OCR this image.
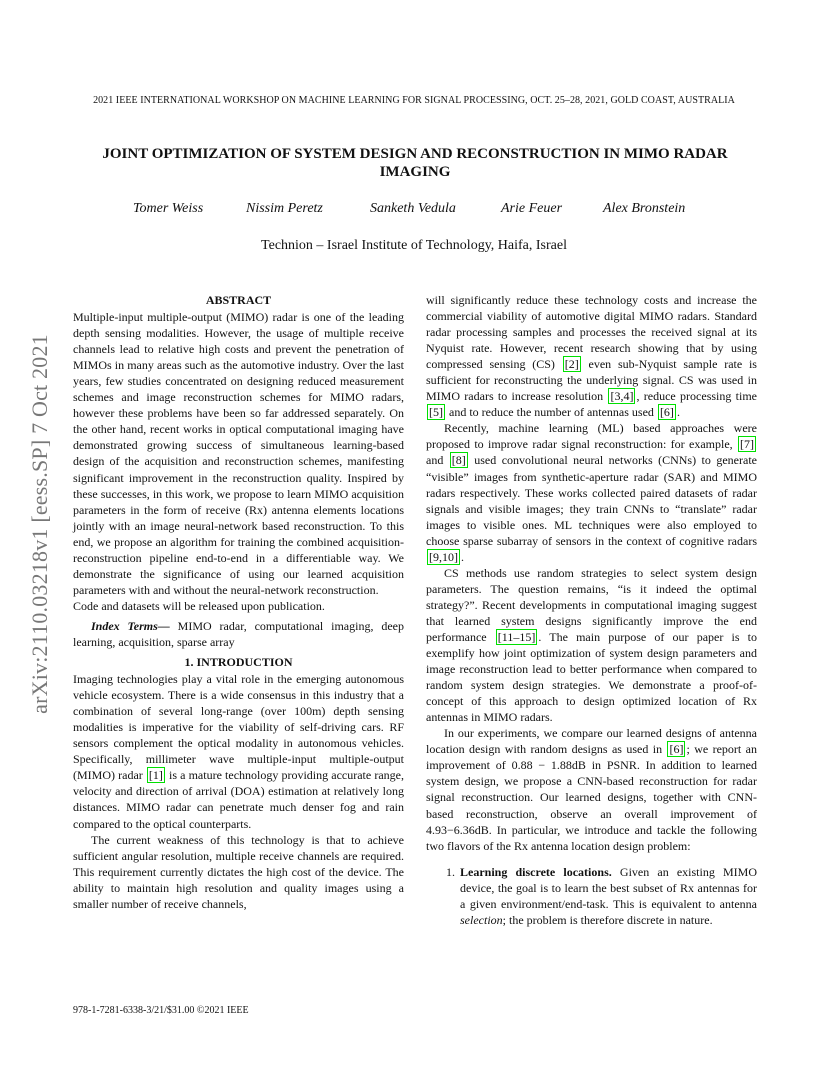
2021 IEEE INTERNATIONAL WORKSHOP ON MACHINE LEARNING FOR SIGNAL PROCESSING, OCT. 25–28, 2021, GOLD COAST, AUSTRALIA
JOINT OPTIMIZATION OF SYSTEM DESIGN AND RECONSTRUCTION IN MIMO RADAR IMAGING
Tomer Weiss	Nissim Peretz	Sanketh Vedula	Arie Feuer	Alex Bronstein
Technion – Israel Institute of Technology, Haifa, Israel
arXiv:2110.03218v1 [eess.SP] 7 Oct 2021
ABSTRACT

Multiple-input multiple-output (MIMO) radar is one of the leading depth sensing modalities. However, the usage of multiple receive channels lead to relative high costs and prevent the penetration of MIMOs in many areas such as the automotive industry. Over the last years, few studies concentrated on designing reduced measurement schemes and image reconstruction schemes for MIMO radars, however these problems have been so far addressed separately. On the other hand, recent works in optical computational imaging have demonstrated growing success of simultaneous learning-based design of the acquisition and reconstruction schemes, manifesting significant improvement in the reconstruction quality. Inspired by these successes, in this work, we propose to learn MIMO acquisition parameters in the form of receive (Rx) antenna elements locations jointly with an image neural-network based reconstruction. To this end, we propose an algorithm for training the combined acquisition-reconstruction pipeline end-to-end in a differentiable way. We demonstrate the significance of using our learned acquisition parameters with and without the neural-network reconstruction.

Code and datasets will be released upon publication.

Index Terms— MIMO radar, computational imaging, deep learning, acquisition, sparse array

1. INTRODUCTION

Imaging technologies play a vital role in the emerging autonomous vehicle ecosystem. There is a wide consensus in this industry that a combination of several long-range (over 100m) depth sensing modalities is imperative for the viability of self-driving cars. RF sensors complement the optical modality in autonomous vehicles. Specifically, millimeter wave multiple-input multiple-output (MIMO) radar [1] is a mature technology providing accurate range, velocity and direction of arrival (DOA) estimation at relatively long distances. MIMO radar can penetrate much denser fog and rain compared to the optical counterparts.

The current weakness of this technology is that to achieve sufficient angular resolution, multiple receive channels are required. This requirement currently dictates the high cost of the device. The ability to maintain high resolution and quality images using a smaller number of receive channels,

will significantly reduce these technology costs and increase the commercial viability of automotive digital MIMO radars. Standard radar processing samples and processes the received signal at its Nyquist rate. However, recent research showing that by using compressed sensing (CS) [2] even sub-Nyquist sample rate is sufficient for reconstructing the underlying signal. CS was used in MIMO radars to increase resolution [3,4] , reduce processing time [5] and to reduce the number of antennas used [6] .

Recently, machine learning (ML) based approaches were proposed to improve radar signal reconstruction: for example, [7] and [8] used convolutional neural networks (CNNs) to generate “visible” images from synthetic-aperture radar (SAR) and MIMO radars respectively. These works collected paired datasets of radar signals and visible images; they train CNNs to “translate” radar images to visible ones. ML techniques were also employed to choose sparse subarray of sensors in the context of cognitive radars [9,10] .

CS methods use random strategies to select system design parameters. The question remains, “is it indeed the optimal strategy?”. Recent developments in computational imaging suggest that learned system designs significantly improve the end performance [11–15] . The main purpose of our paper is to exemplify how joint optimization of system design parameters and image reconstruction lead to better performance when compared to random system design strategies. We demonstrate a proof-of-concept of this approach to design optimized location of Rx antennas in MIMO radars.

In our experiments, we compare our learned designs of antenna location design with random designs as used in [6] ; we report an improvement of 0.88 − 1.88dB in PSNR. In addition to learned system design, we propose a CNN-based reconstruction for radar signal reconstruction. Our learned designs, together with CNN-based reconstruction, observe an overall improvement of 4.93−6.36dB. In particular, we introduce and tackle the following two flavors of the Rx antenna location design problem:

1. Learning discrete locations. Given an existing MIMO device, the goal is to learn the best subset of Rx antennas for a given environment/end-task. This is equivalent to antenna selection; the problem is therefore discrete in nature.
978-1-7281-6338-3/21/$31.00 ©2021 IEEE
